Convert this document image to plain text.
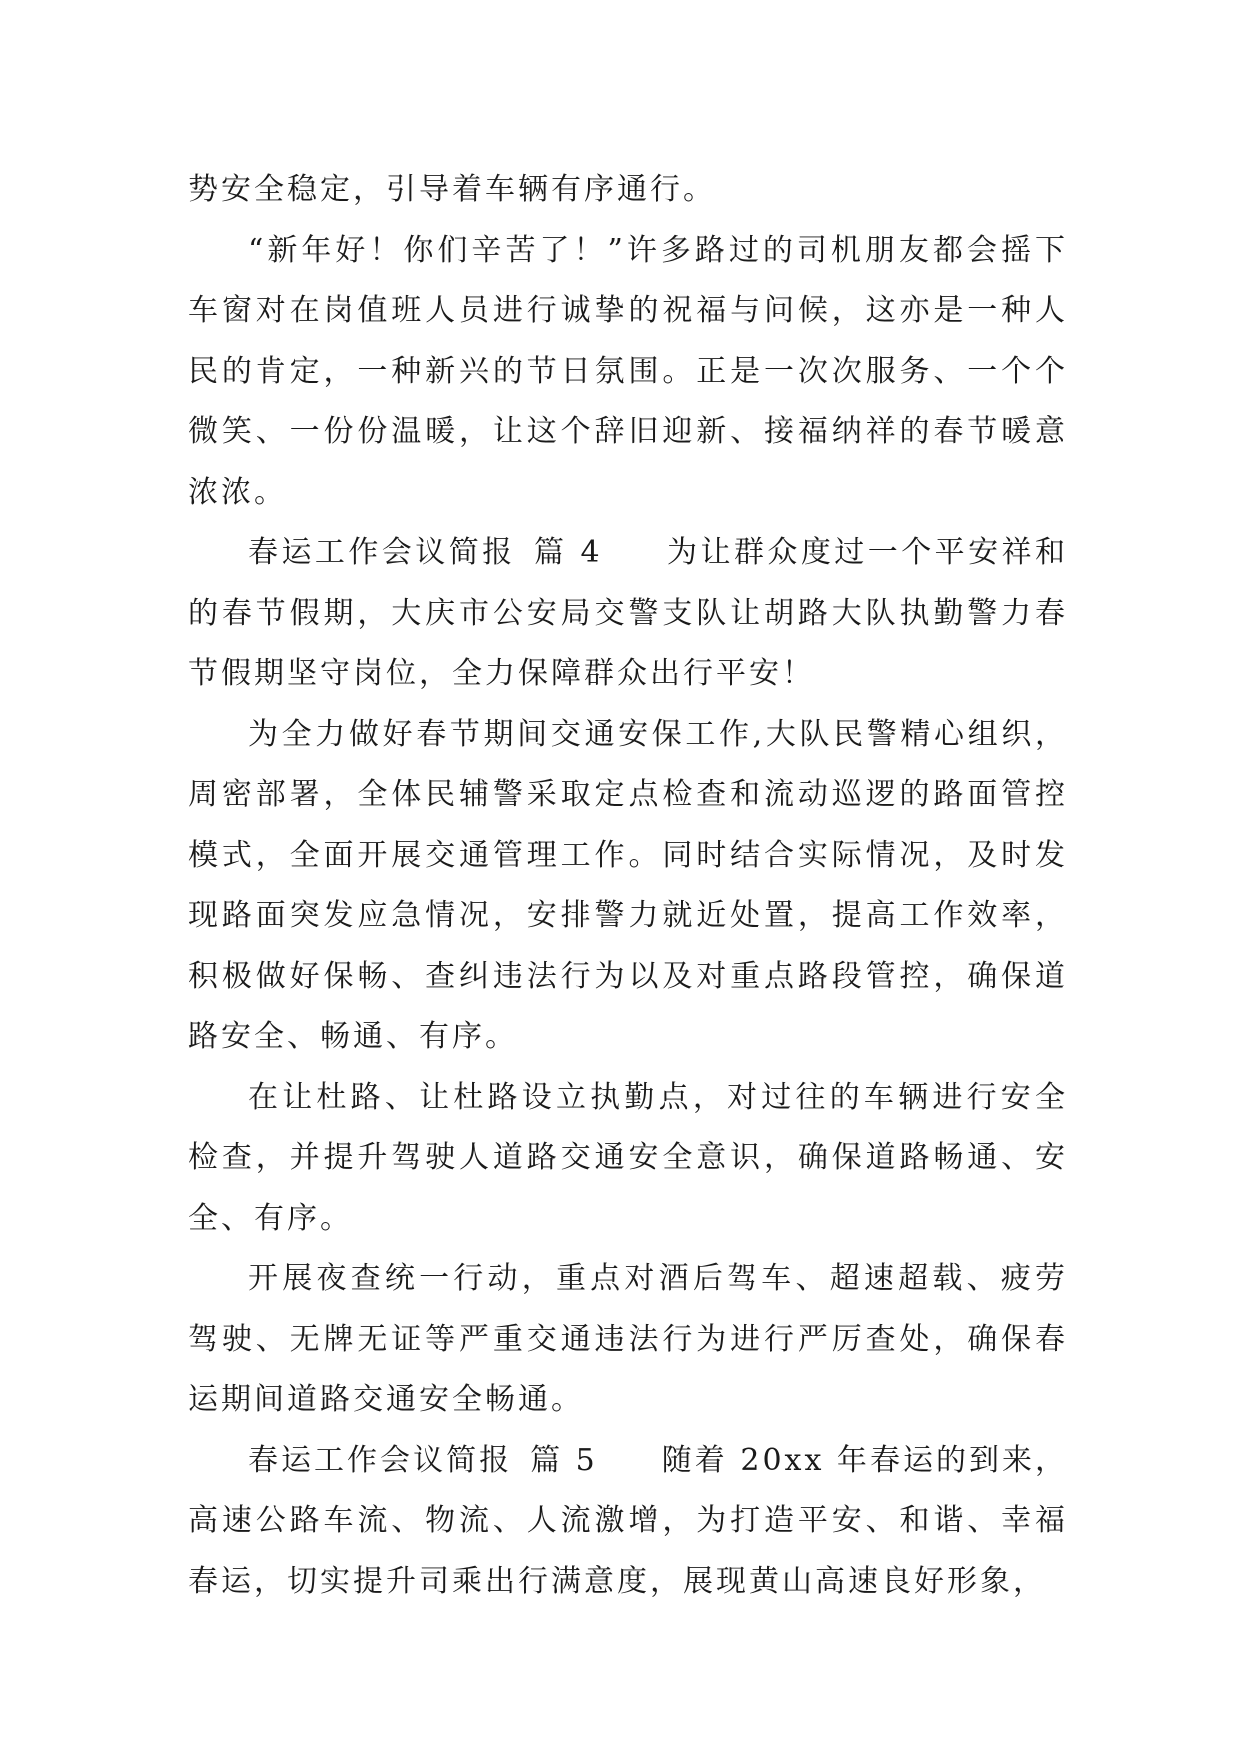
势安全稳定，引导着车辆有序通行。

“新年好！你们辛苦了！”许多路过的司机朋友都会摇下车窗对在岗值班人员进行诚挚的祝福与问候，这亦是一种人民的肯定，一种新兴的节日氛围。正是一次次服务、一个个微笑、一份份温暖，让这个辞旧迎新、接福纳祥的春节暖意浓浓。

春运工作会议简报 篇 4 为让群众度过一个平安祥和的春节假期，大庆市公安局交警支队让胡路大队执勤警力春节假期坚守岗位，全力保障群众出行平安！

为全力做好春节期间交通安保工作,大队民警精心组织，周密部署，全体民辅警采取定点检查和流动巡逻的路面管控模式，全面开展交通管理工作。同时结合实际情况，及时发现路面突发应急情况，安排警力就近处置，提高工作效率，积极做好保畅、查纠违法行为以及对重点路段管控，确保道路安全、畅通、有序。

在让杜路、让杜路设立执勤点，对过往的车辆进行安全检查，并提升驾驶人道路交通安全意识，确保道路畅通、安全、有序。

开展夜查统一行动，重点对酒后驾车、超速超载、疲劳驾驶、无牌无证等严重交通违法行为进行严厉查处，确保春运期间道路交通安全畅通。

春运工作会议简报 篇 5 随着 20xx 年春运的到来，高速公路车流、物流、人流激增，为打造平安、和谐、幸福春运，切实提升司乘出行满意度，展现黄山高速良好形象，
